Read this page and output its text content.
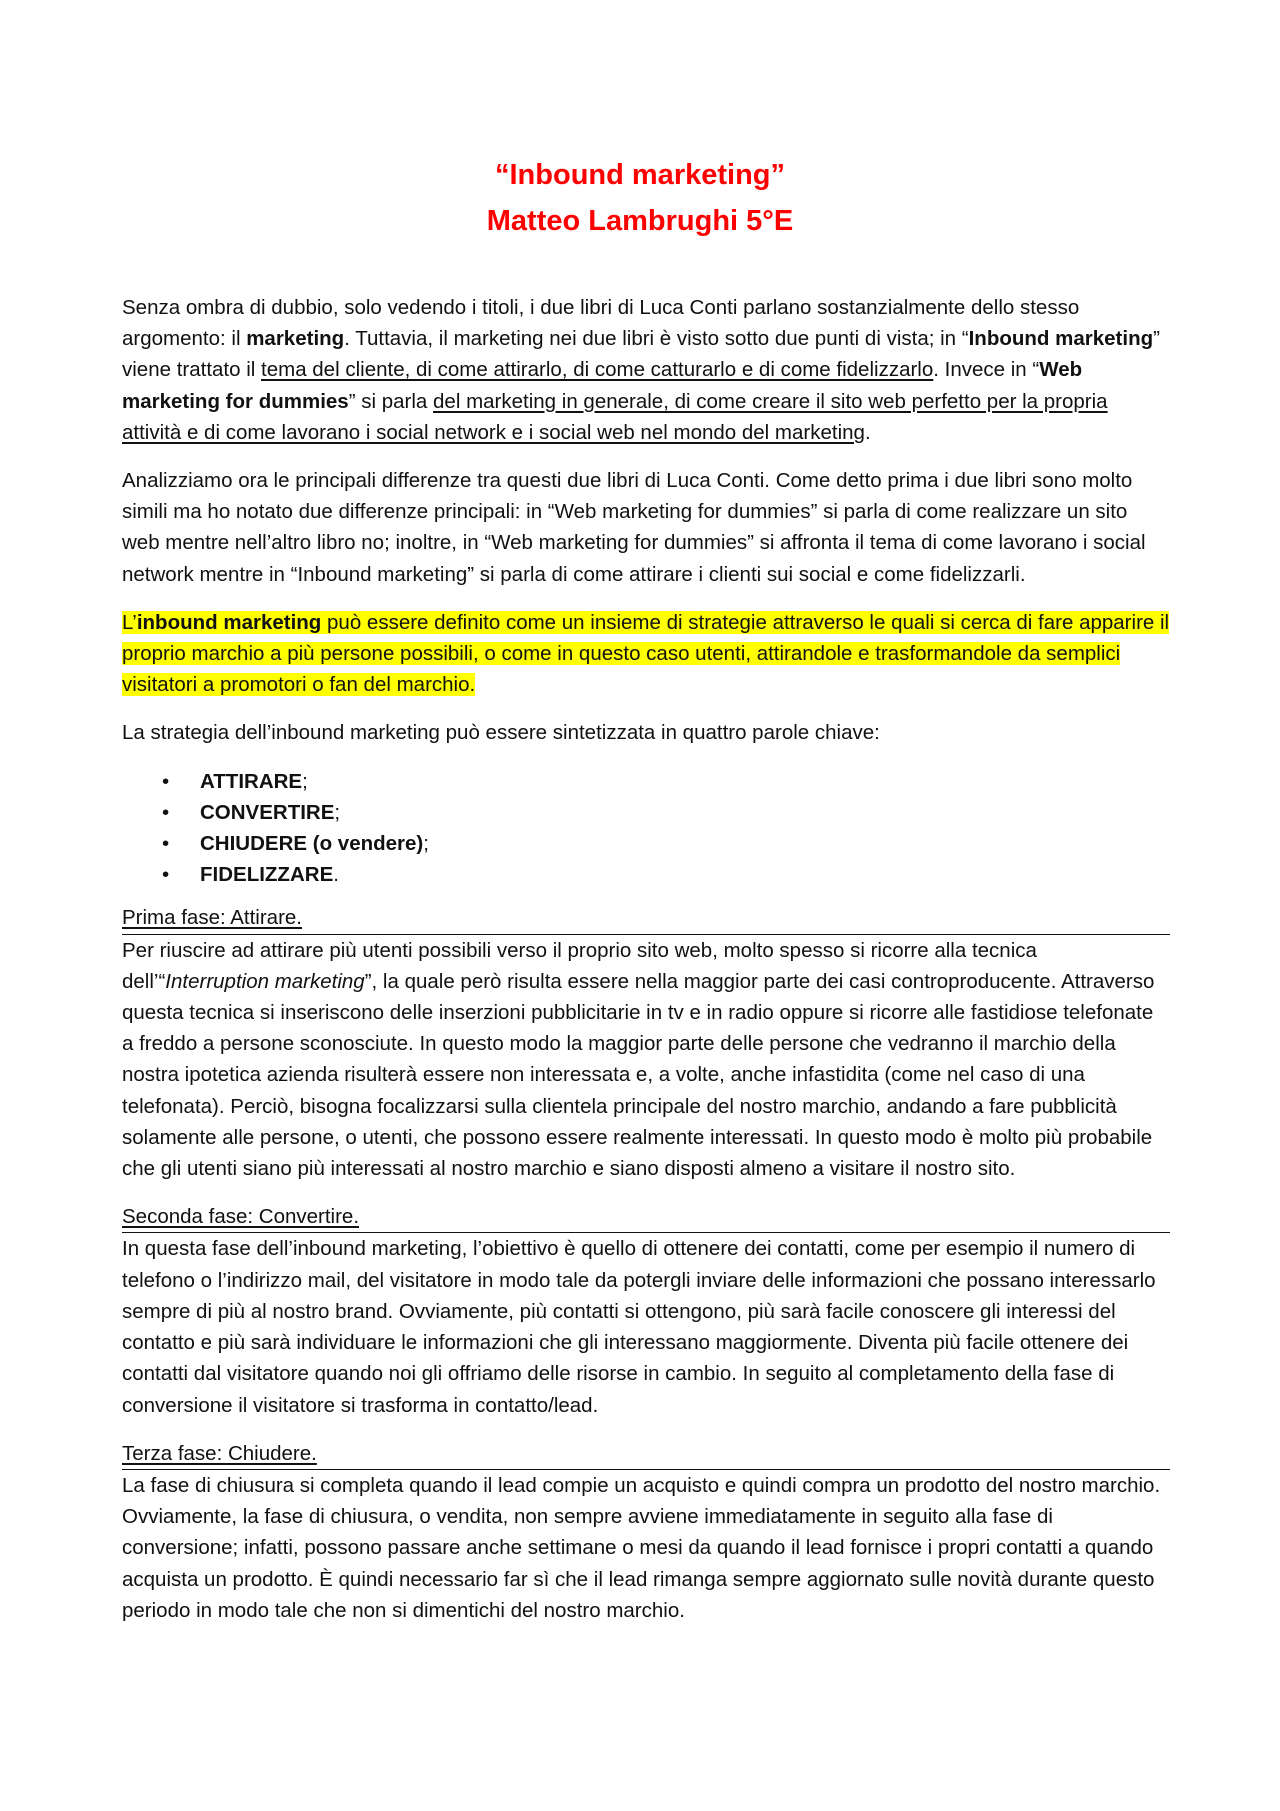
“Inbound marketing”
Matteo Lambrughi 5°E

Senza ombra di dubbio, solo vedendo i titoli, i due libri di Luca Conti parlano sostanzialmente dello stesso argomento: il marketing. Tuttavia, il marketing nei due libri è visto sotto due punti di vista; in “Inbound marketing” viene trattato il tema del cliente, di come attirarlo, di come catturarlo e di come fidelizzarlo. Invece in “Web marketing for dummies” si parla del marketing in generale, di come creare il sito web perfetto per la propria attività e di come lavorano i social network e i social web nel mondo del marketing.

Analizziamo ora le principali differenze tra questi due libri di Luca Conti. Come detto prima i due libri sono molto simili ma ho notato due differenze principali: in “Web marketing for dummies” si parla di come realizzare un sito web mentre nell’altro libro no; inoltre, in “Web marketing for dummies” si affronta il tema di come lavorano i social network mentre in “Inbound marketing” si parla di come attirare i clienti sui social e come fidelizzarli.

L’inbound marketing può essere definito come un insieme di strategie attraverso le quali si cerca di fare apparire il proprio marchio a più persone possibili, o come in questo caso utenti, attirandole e trasformandole da semplici visitatori a promotori o fan del marchio.

La strategia dell’inbound marketing può essere sintetizzata in quattro parole chiave:

• ATTIRARE;
• CONVERTIRE;
• CHIUDERE (o vendere);
• FIDELIZZARE.
Prima fase: Attirare.

Per riuscire ad attirare più utenti possibili verso il proprio sito web, molto spesso si ricorre alla tecnica dell’“Interruption marketing”, la quale però risulta essere nella maggior parte dei casi controproducente. Attraverso questa tecnica si inseriscono delle inserzioni pubblicitarie in tv e in radio oppure si ricorre alle fastidiose telefonate a freddo a persone sconosciute. In questo modo la maggior parte delle persone che vedranno il marchio della nostra ipotetica azienda risulterà essere non interessata e, a volte, anche infastidita (come nel caso di una telefonata). Perciò, bisogna focalizzarsi sulla clientela principale del nostro marchio, andando a fare pubblicità solamente alle persone, o utenti, che possono essere realmente interessati. In questo modo è molto più probabile che gli utenti siano più interessati al nostro marchio e siano disposti almeno a visitare il nostro sito.

Seconda fase: Convertire.

In questa fase dell’inbound marketing, l’obiettivo è quello di ottenere dei contatti, come per esempio il numero di telefono o l’indirizzo mail, del visitatore in modo tale da potergli inviare delle informazioni che possano interessarlo sempre di più al nostro brand. Ovviamente, più contatti si ottengono, più sarà facile conoscere gli interessi del contatto e più sarà individuare le informazioni che gli interessano maggiormente. Diventa più facile ottenere dei contatti dal visitatore quando noi gli offriamo delle risorse in cambio. In seguito al completamento della fase di conversione il visitatore si trasforma in contatto/lead.

Terza fase: Chiudere.

La fase di chiusura si completa quando il lead compie un acquisto e quindi compra un prodotto del nostro marchio. Ovviamente, la fase di chiusura, o vendita, non sempre avviene immediatamente in seguito alla fase di conversione; infatti, possono passare anche settimane o mesi da quando il lead fornisce i propri contatti a quando acquista un prodotto. È quindi necessario far sì che il lead rimanga sempre aggiornato sulle novità durante questo periodo in modo tale che non si dimentichi del nostro marchio.
